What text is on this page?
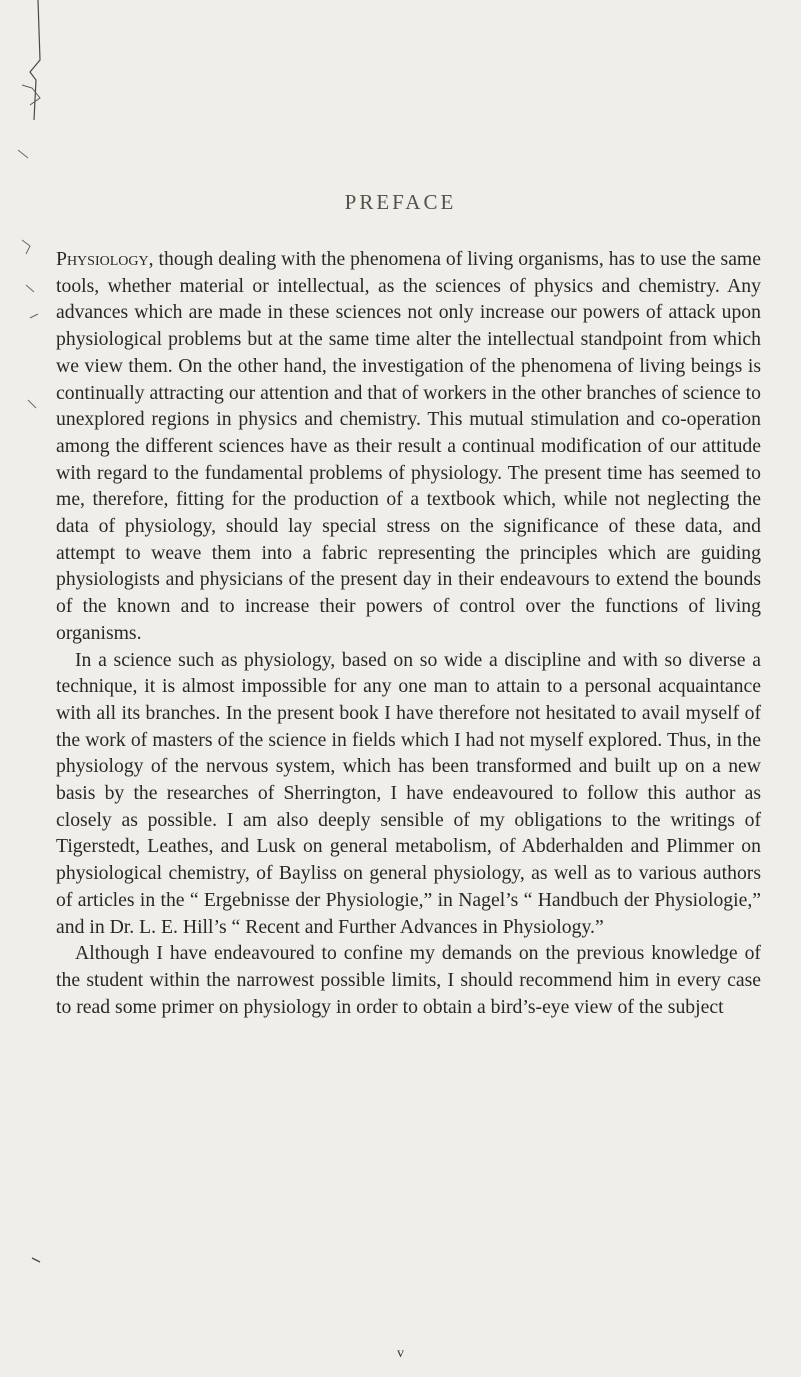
PREFACE

Physiology, though dealing with the phenomena of living organisms, has to use the same tools, whether material or intellectual, as the sciences of physics and chemistry. Any advances which are made in these sciences not only increase our powers of attack upon physiological problems but at the same time alter the intellectual standpoint from which we view them. On the other hand, the investigation of the phenomena of living beings is continually attracting our attention and that of workers in the other branches of science to unexplored regions in physics and chemistry. This mutual stimulation and co-operation among the different sciences have as their result a continual modification of our attitude with regard to the fundamental problems of physiology. The present time has seemed to me, therefore, fitting for the production of a textbook which, while not neglecting the data of physiology, should lay special stress on the significance of these data, and attempt to weave them into a fabric representing the principles which are guiding physiologists and physicians of the present day in their endeavours to extend the bounds of the known and to increase their powers of control over the functions of living organisms.

In a science such as physiology, based on so wide a discipline and with so diverse a technique, it is almost impossible for any one man to attain to a personal acquaintance with all its branches. In the present book I have therefore not hesitated to avail myself of the work of masters of the science in fields which I had not myself explored. Thus, in the physiology of the nervous system, which has been transformed and built up on a new basis by the researches of Sherrington, I have endeavoured to follow this author as closely as possible. I am also deeply sensible of my obligations to the writings of Tigerstedt, Leathes, and Lusk on general metabolism, of Abderhalden and Plimmer on physiological chemistry, of Bayliss on general physiology, as well as to various authors of articles in the “ Ergebnisse der Physiologie,” in Nagel’s “ Handbuch der Physiologie,” and in Dr. L. E. Hill’s “ Recent and Further Advances in Physiology.”

Although I have endeavoured to confine my demands on the previous knowledge of the student within the narrowest possible limits, I should recommend him in every case to read some primer on physiology in order to obtain a bird’s-eye view of the subject

v
